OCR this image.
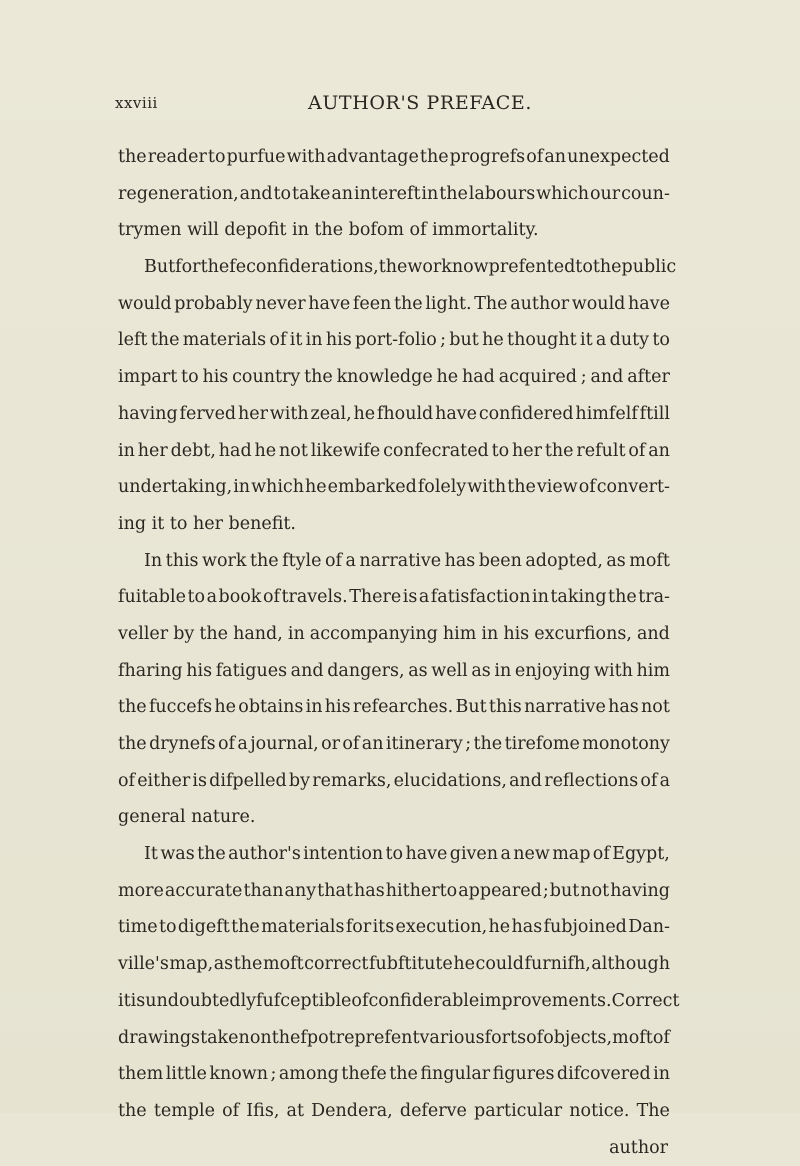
xxviii	AUTHOR'S PREFACE.
the reader to purfue with advantage the progrefs of an unexpected
regeneration, and to take an intereft in the labours which our coun-
trymen will depofit in the bofom of immortality.
But for thefe confiderations, the work now prefented to the public
would probably never have feen the light. The author would have
left the materials of it in his port-folio ; but he thought it a duty to
impart to his country the knowledge he had acquired ; and after
having ferved her with zeal, he fhould have confidered himfelf ftill
in her debt, had he not likewife confecrated to her the refult of an
undertaking, in which he embarked folely with the view of convert-
ing it to her benefit.
In this work the ftyle of a narrative has been adopted, as moft
fuitable to a book of travels. There is a fatisfaction in taking the tra-
veller by the hand, in accompanying him in his excurfions, and
fharing his fatigues and dangers, as well as in enjoying with him
the fuccefs he obtains in his refearches. But this narrative has not
the drynefs of a journal, or of an itinerary ; the tirefome monotony
of either is difpelled by remarks, elucidations, and reflections of a
general nature.
It was the author's intention to have given a new map of Egypt,
more accurate than any that has hitherto appeared ; but not having
time to digeft the materials for its execution, he has fubjoined Dan-
ville's map, as the moft correct fubftitute he could furnifh, although
it is undoubtedly fufceptible of confiderable improvements. Correct
drawings taken on the fpot reprefent various forts of objects, moft of
them little known ; among thefe the fingular figures difcovered in
the temple of Ifis, at Dendera, deferve particular notice. The
author
